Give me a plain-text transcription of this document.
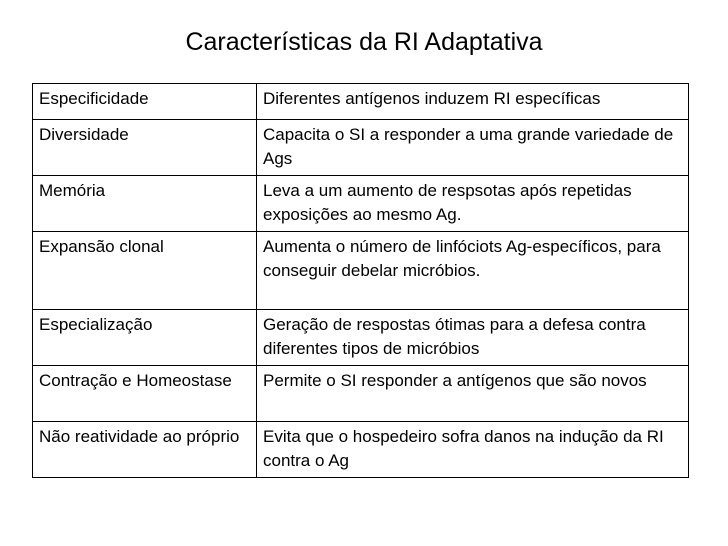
Características da RI Adaptativa
Especificidade	Diferentes antígenos induzem RI específicas
Diversidade	Capacita o SI a responder a uma grande variedade de Ags
Memória	Leva a um aumento de respsotas após repetidas exposições ao mesmo Ag.
Expansão clonal	Aumenta o número de linfóciots Ag-específicos, para conseguir debelar micróbios.
Especialização	Geração de respostas ótimas para a defesa contra diferentes tipos de micróbios
Contração e Homeostase	Permite o SI responder a antígenos que são novos
Não reatividade ao próprio	Evita que o hospedeiro sofra danos na indução da RI contra o Ag
